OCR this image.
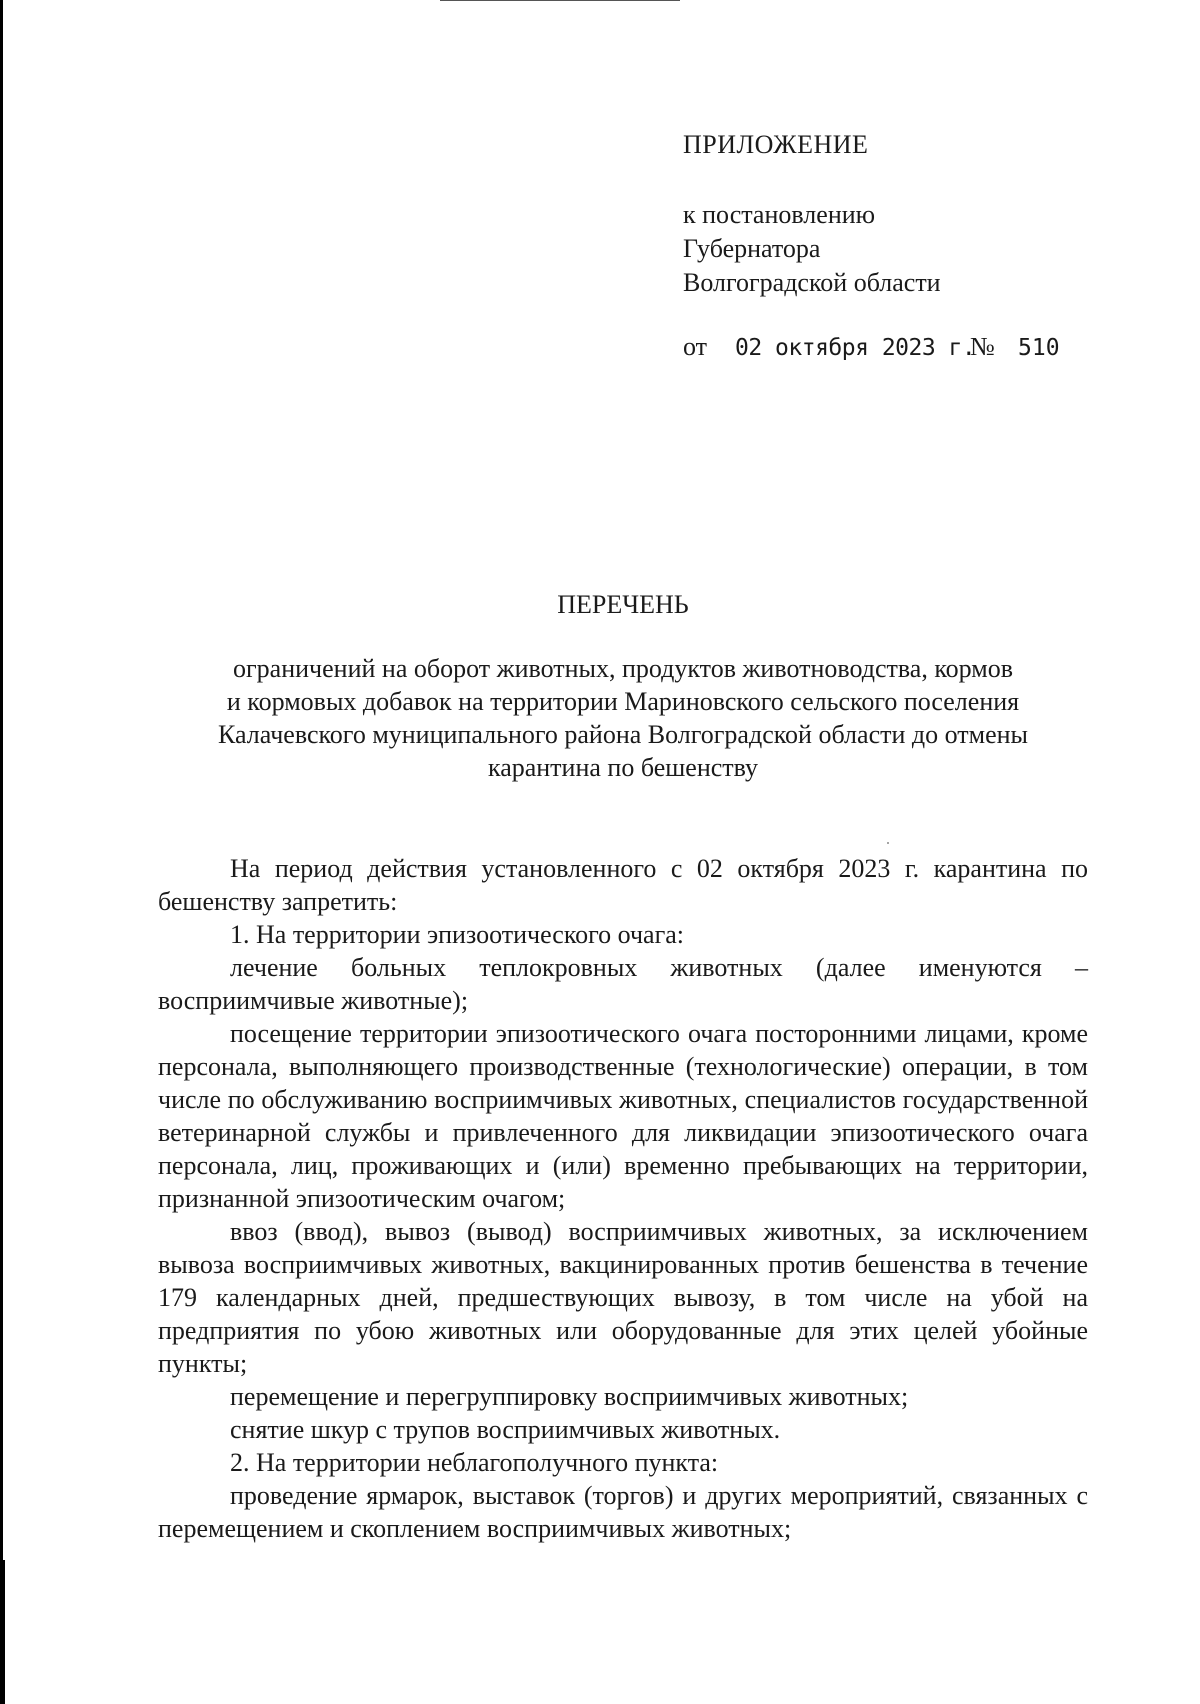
ПРИЛОЖЕНИЕ
к постановлению
Губернатора
Волгоградской области
от 02 октября 2023 г.№ 510
ПЕРЕЧЕНЬ
ограничений на оборот животных, продуктов животноводства, кормов
и кормовых добавок на территории Мариновского сельского поселения
Калачевского муниципального района Волгоградской области до отмены
карантина по бешенству

На период действия установленного с 02 октября 2023 г. карантина по бешенству запретить:

1. На территории эпизоотического очага:

лечение больных теплокровных животных (далее именуются – восприимчивые животные);

посещение территории эпизоотического очага посторонними лицами, кроме персонала, выполняющего производственные (технологические) операции, в том числе по обслуживанию восприимчивых животных, специалистов государственной ветеринарной службы и привлеченного для ликвидации эпизоотического очага персонала, лиц, проживающих и (или) временно пребывающих на территории, признанной эпизоотическим очагом;

ввоз (ввод), вывоз (вывод) восприимчивых животных, за исключением вывоза восприимчивых животных, вакцинированных против бешенства в течение 179 календарных дней, предшествующих вывозу, в том числе на убой на предприятия по убою животных или оборудованные для этих целей убойные пункты;

перемещение и перегруппировку восприимчивых животных;

снятие шкур с трупов восприимчивых животных.

2. На территории неблагополучного пункта:

проведение ярмарок, выставок (торгов) и других мероприятий, связанных с перемещением и скоплением восприимчивых животных;
